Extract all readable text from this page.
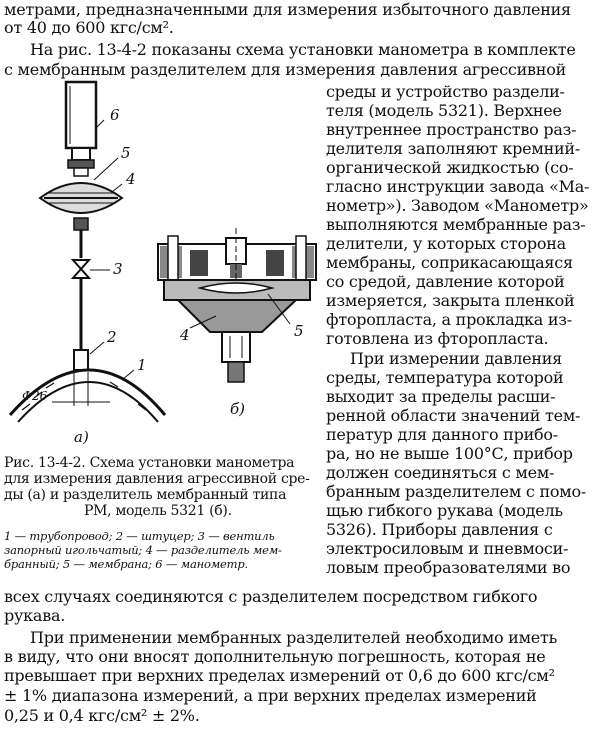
метрами, предназначенными для измерения избыточного давления

от 40 до 600 кгс/см².

На рис. 13-4-2 показаны схема установки манометра в комплекте

с мембранным разделителем для измерения давления агрессивной

среды и устройство раздели-

теля (модель 5321). Верхнее

внутреннее пространство раз-

делителя заполняют кремний-

органической жидкостью (со-

гласно инструкции завода «Ма-

нометр»). Заводом «Манометр»

выполняются мембранные раз-

делители, у которых сторона

мембраны, соприкасающаяся

со средой, давление которой

измеряется, закрыта пленкой

фторопласта, а прокладка из-

готовлена из фторопласта.

При измерении давления

среды, температура которой

выходит за пределы расши-

ренной области значений тем-

ператур для данного прибо-

ра, но не выше 100°С, прибор

должен соединяться с мем-

бранным разделителем с помо-

щью гибкого рукава (модель

5326). Приборы давления с

электросиловым и пневмоси-

ловым преобразователями во

6
5
4
3
2
1
Ф26
а)
4	5
б)

Рис. 13-4-2. Схема установки манометра

для измерения давления агрессивной сре-

ды (а) и разделитель мембранный типа

РМ, модель 5321 (б).

1 — трубопровод; 2 — штуцер; 3 — вентиль

запорный игольчатый; 4 — разделитель мем-

бранный; 5 — мембрана; 6 — манометр.

всех случаях соединяются с разделителем посредством гибкого

рукава.

При применении мембранных разделителей необходимо иметь

в виду, что они вносят дополнительную погрешность, которая не

превышает при верхних пределах измерений от 0,6 до 600 кгс/см²

± 1% диапазона измерений, а при верхних пределах измерений

0,25 и 0,4 кгс/см² ± 2%.
